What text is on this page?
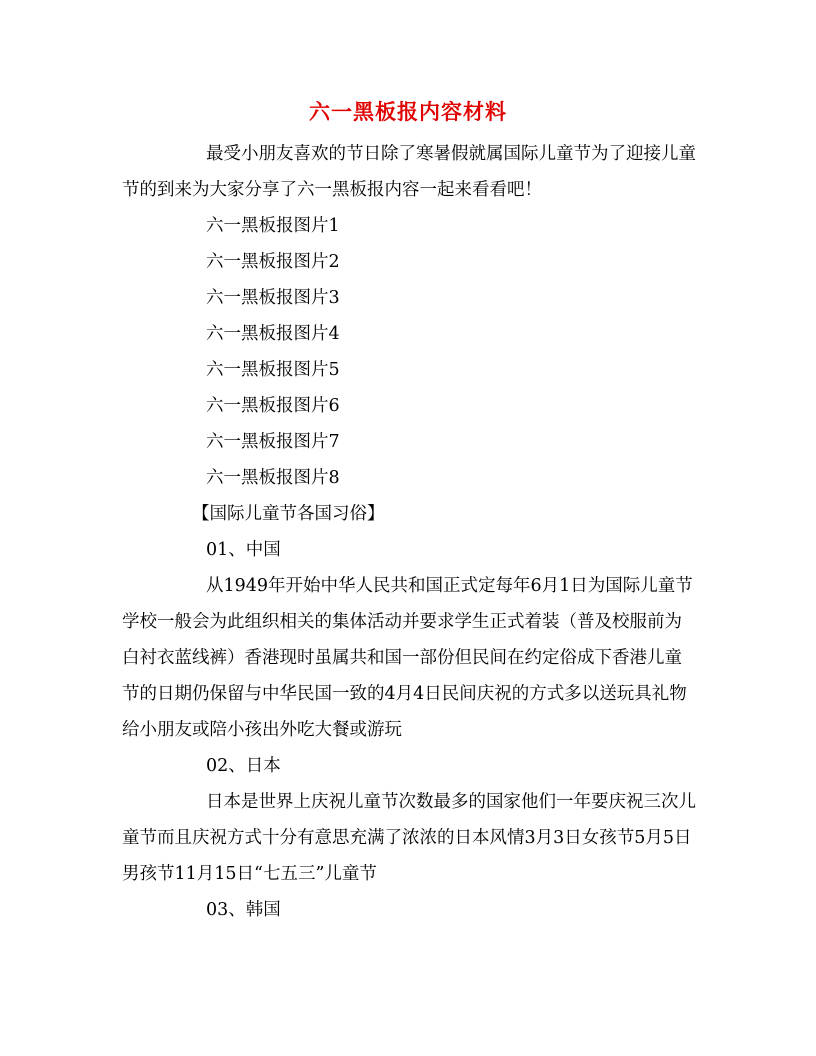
六一黑板报内容材料

最受小朋友喜欢的节日除了寒暑假就属国际儿童节为了迎接儿童节的到来为大家分享了六一黑板报内容一起来看看吧！

六一黑板报图片1

六一黑板报图片2

六一黑板报图片3

六一黑板报图片4

六一黑板报图片5

六一黑板报图片6

六一黑板报图片7

六一黑板报图片8

【国际儿童节各国习俗】

01、中国

从1949年开始中华人民共和国正式定每年6月1日为国际儿童节学校一般会为此组织相关的集体活动并要求学生正式着装（普及校服前为白衬衣蓝线裤）香港现时虽属共和国一部份但民间在约定俗成下香港儿童节的日期仍保留与中华民国一致的4月4日民间庆祝的方式多以送玩具礼物给小朋友或陪小孩出外吃大餐或游玩

02、日本

日本是世界上庆祝儿童节次数最多的国家他们一年要庆祝三次儿童节而且庆祝方式十分有意思充满了浓浓的日本风情3月3日女孩节5月5日男孩节11月15日“七五三”儿童节

03、韩国
